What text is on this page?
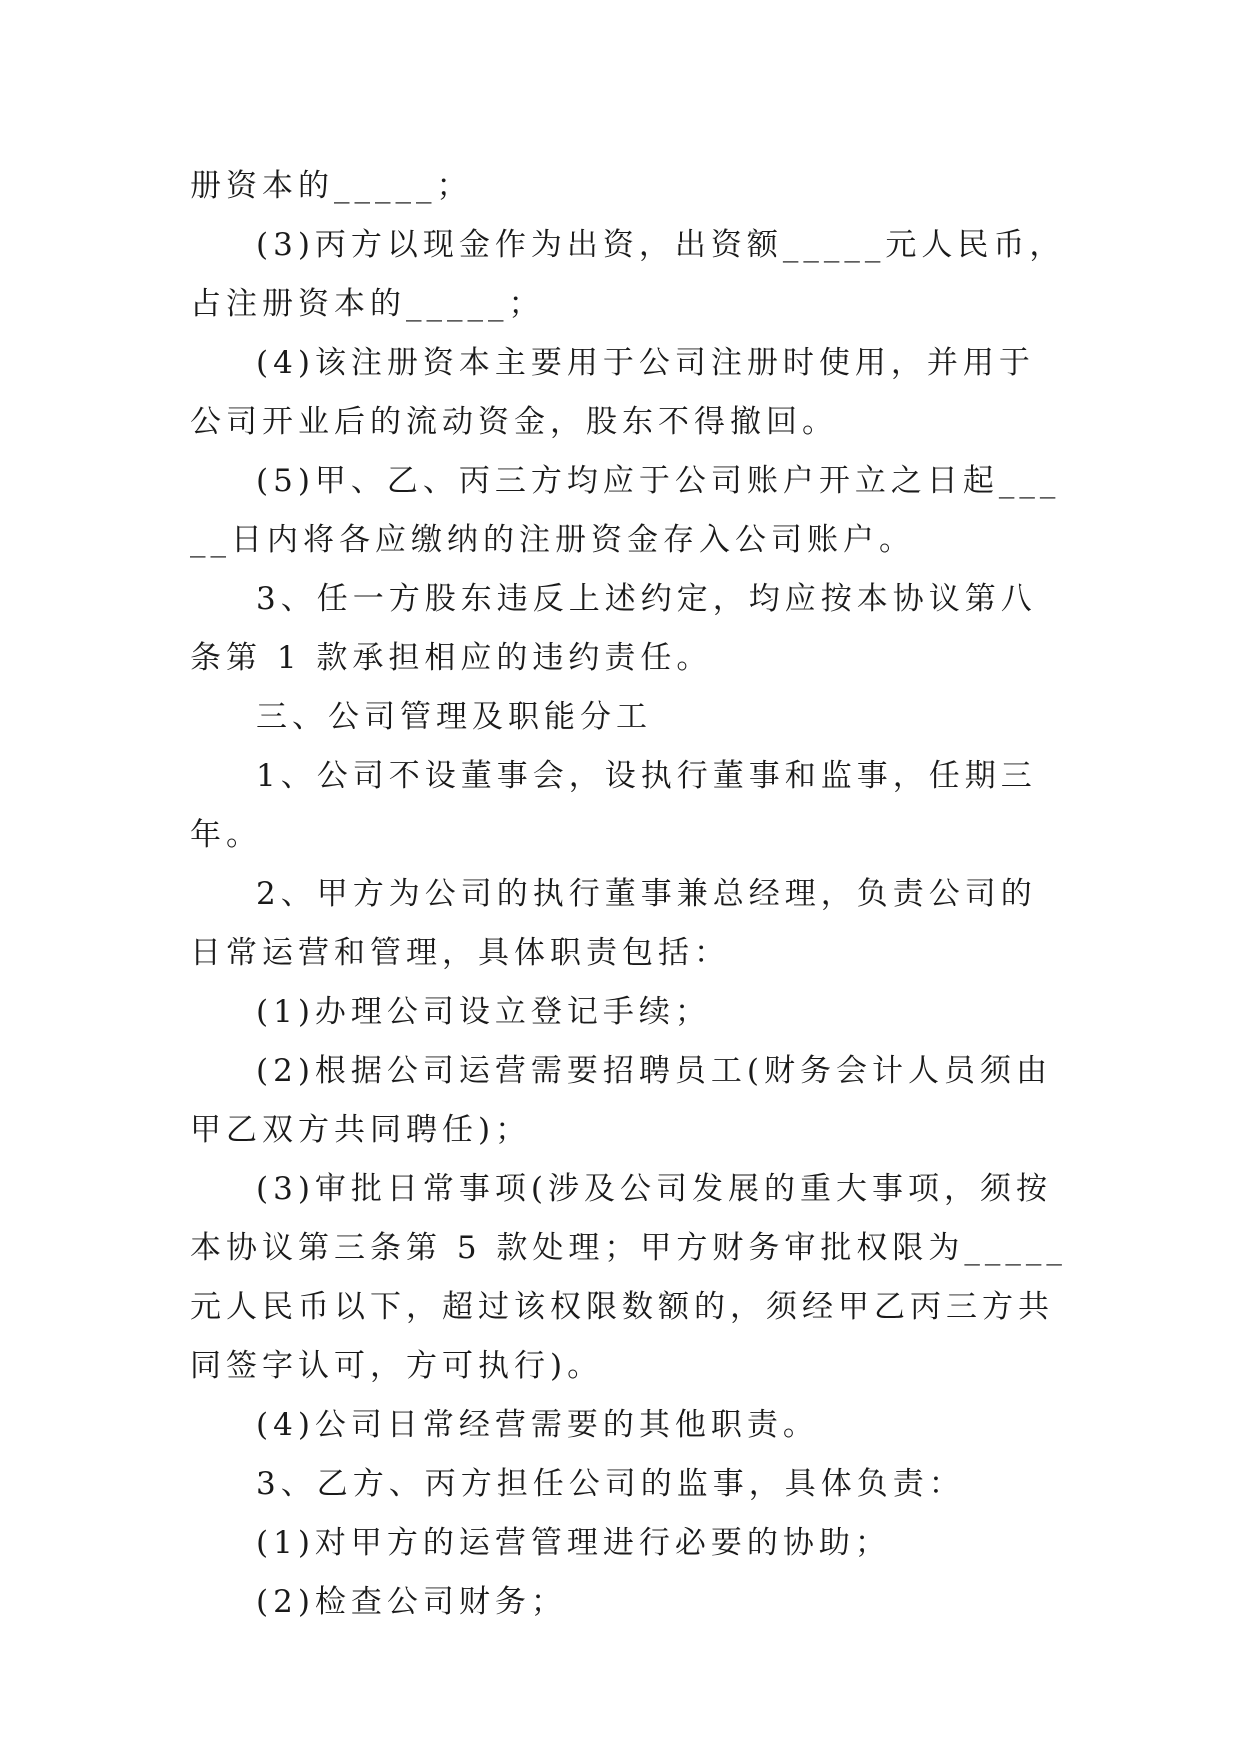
册资本的_____；

(3)丙方以现金作为出资，出资额_____元人民币，占注册资本的_____；

(4)该注册资本主要用于公司注册时使用，并用于公司开业后的流动资金，股东不得撤回。

(5)甲、乙、丙三方均应于公司账户开立之日起_____日内将各应缴纳的注册资金存入公司账户。

3、任一方股东违反上述约定，均应按本协议第八条第 1 款承担相应的违约责任。

三、公司管理及职能分工

1、公司不设董事会，设执行董事和监事，任期三年。

2、甲方为公司的执行董事兼总经理，负责公司的日常运营和管理，具体职责包括：

(1)办理公司设立登记手续；

(2)根据公司运营需要招聘员工(财务会计人员须由甲乙双方共同聘任)；

(3)审批日常事项(涉及公司发展的重大事项，须按本协议第三条第 5 款处理；甲方财务审批权限为_____元人民币以下，超过该权限数额的，须经甲乙丙三方共同签字认可，方可执行)。

(4)公司日常经营需要的其他职责。

3、乙方、丙方担任公司的监事，具体负责：

(1)对甲方的运营管理进行必要的协助；

(2)检查公司财务；
